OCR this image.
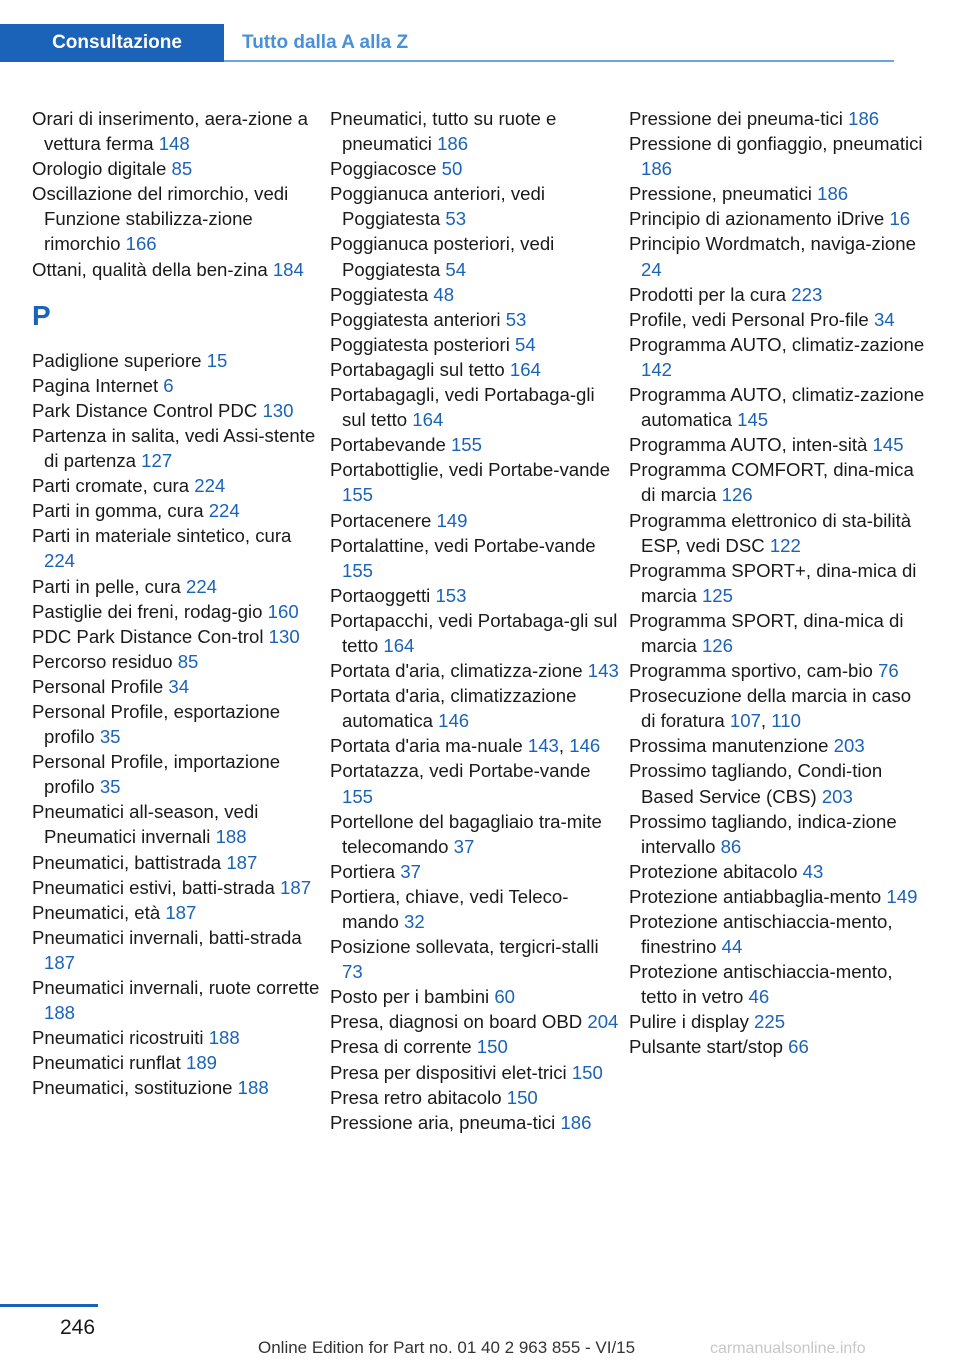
Consultazione	Tutto dalla A alla Z

Orari di inserimento, aera-zione a vettura ferma 148

Orologio digitale 85

Oscillazione del rimorchio, vedi Funzione stabilizza-zione rimorchio 166

Ottani, qualità della ben-zina 184

P

Padiglione superiore 15

Pagina Internet 6

Park Distance Control PDC 130

Partenza in salita, vedi Assi-stente di partenza 127

Parti cromate, cura 224

Parti in gomma, cura 224

Parti in materiale sintetico, cura 224

Parti in pelle, cura 224

Pastiglie dei freni, rodag-gio 160

PDC Park Distance Con-trol 130

Percorso residuo 85

Personal Profile 34

Personal Profile, esportazione profilo 35

Personal Profile, importazione profilo 35

Pneumatici all-season, vedi Pneumatici invernali 188

Pneumatici, battistrada 187

Pneumatici estivi, batti-strada 187

Pneumatici, età 187

Pneumatici invernali, batti-strada 187

Pneumatici invernali, ruote corrette 188

Pneumatici ricostruiti 188

Pneumatici runflat 189

Pneumatici, sostituzione 188

Pneumatici, tutto su ruote e pneumatici 186

Poggiacosce 50

Poggianuca anteriori, vedi Poggiatesta 53

Poggianuca posteriori, vedi Poggiatesta 54

Poggiatesta 48

Poggiatesta anteriori 53

Poggiatesta posteriori 54

Portabagagli sul tetto 164

Portabagagli, vedi Portabaga-gli sul tetto 164

Portabevande 155

Portabottiglie, vedi Portabe-vande 155

Portacenere 149

Portalattine, vedi Portabe-vande 155

Portaoggetti 153

Portapacchi, vedi Portabaga-gli sul tetto 164

Portata d'aria, climatizza-zione 143

Portata d'aria, climatizzazione automatica 146

Portata d'aria ma-nuale 143, 146

Portatazza, vedi Portabe-vande 155

Portellone del bagagliaio tra-mite telecomando 37

Portiera 37

Portiera, chiave, vedi Teleco-mando 32

Posizione sollevata, tergicri-stalli 73

Posto per i bambini 60

Presa, diagnosi on board OBD 204

Presa di corrente 150

Presa per dispositivi elet-trici 150

Presa retro abitacolo 150

Pressione aria, pneuma-tici 186

Pressione dei pneuma-tici 186

Pressione di gonfiaggio, pneumatici 186

Pressione, pneumatici 186

Principio di azionamento iDrive 16

Principio Wordmatch, naviga-zione 24

Prodotti per la cura 223

Profile, vedi Personal Pro-file 34

Programma AUTO, climatiz-zazione 142

Programma AUTO, climatiz-zazione automatica 145

Programma AUTO, inten-sità 145

Programma COMFORT, dina-mica di marcia 126

Programma elettronico di sta-bilità ESP, vedi DSC 122

Programma SPORT+, dina-mica di marcia 125

Programma SPORT, dina-mica di marcia 126

Programma sportivo, cam-bio 76

Prosecuzione della marcia in caso di foratura 107, 110

Prossima manutenzione 203

Prossimo tagliando, Condi-tion Based Service (CBS) 203

Prossimo tagliando, indica-zione intervallo 86

Protezione abitacolo 43

Protezione antiabbaglia-mento 149

Protezione antischiaccia-mento, finestrino 44

Protezione antischiaccia-mento, tetto in vetro 46

Pulire i display 225

Pulsante start/stop 66

246
Online Edition for Part no. 01 40 2 963 855 - VI/15	carmanualsonline.info
